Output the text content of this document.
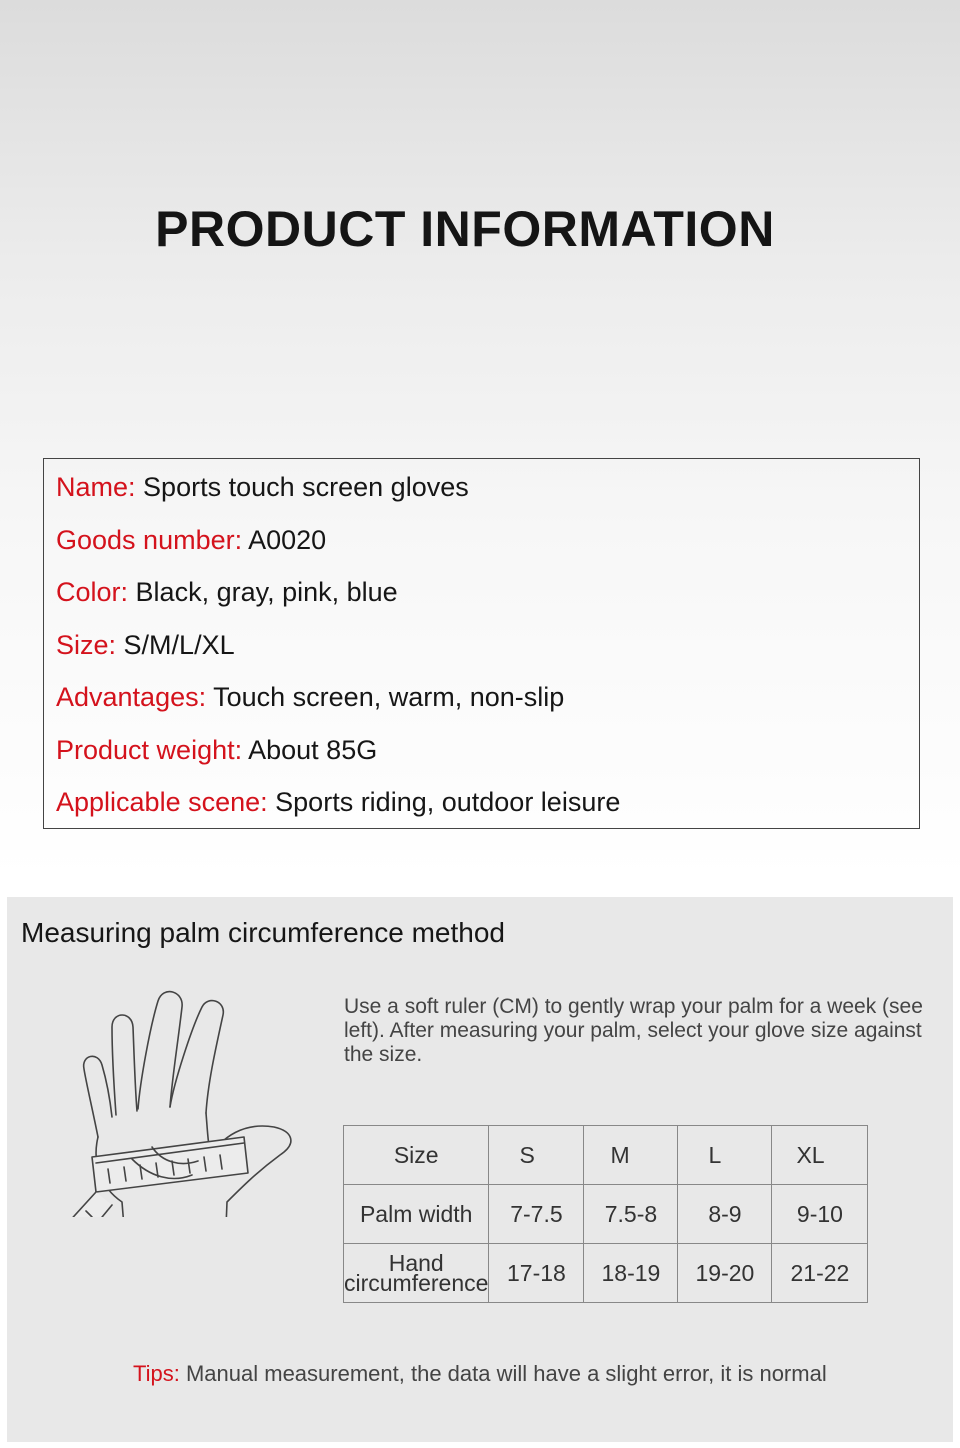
PRODUCT INFORMATION
Name: Sports touch screen gloves
Goods number: A0020
Color: Black, gray, pink, blue
Size: S/M/L/XL
Advantages: Touch screen, warm, non-slip
Product weight: About 85G
Applicable scene: Sports riding, outdoor leisure
Measuring palm circumference method
Use a soft ruler (CM) to gently wrap your palm for a week (see left). After measuring your palm, select your glove size against the size.
Size	S	M	L	XL
Palm width	7-7.5	7.5-8	8-9	9-10
Hand
circumference	17-18	18-19	19-20	21-22
Tips: Manual measurement, the data will have a slight error, it is normal
